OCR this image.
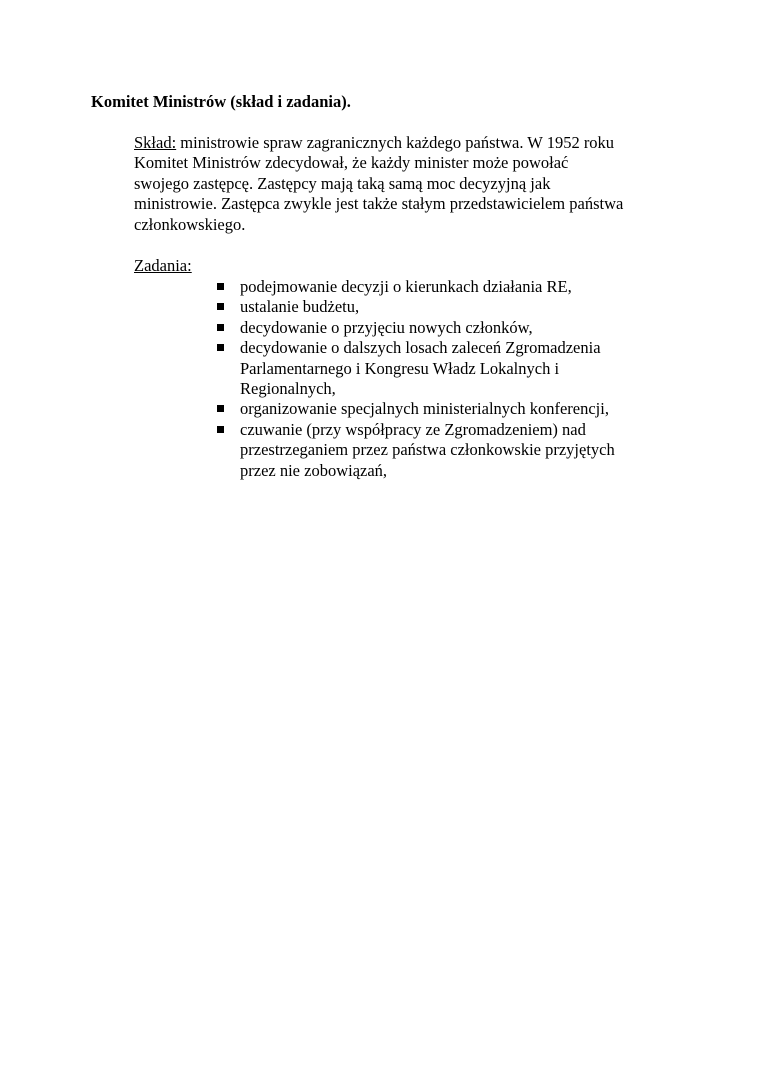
Komitet Ministrów (skład i zadania).
Skład: ministrowie spraw zagranicznych każdego państwa. W 1952 roku
Komitet Ministrów zdecydował, że każdy minister może powołać
swojego zastępcę. Zastępcy mają taką samą moc decyzyjną jak
ministrowie. Zastępca zwykle jest także stałym przedstawicielem państwa
członkowskiego.
Zadania:
podejmowanie decyzji o kierunkach działania RE,
ustalanie budżetu,
decydowanie o przyjęciu nowych członków,
decydowanie o dalszych losach zaleceń Zgromadzenia
Parlamentarnego i Kongresu Władz Lokalnych i
Regionalnych,
organizowanie specjalnych ministerialnych konferencji,
czuwanie (przy współpracy ze Zgromadzeniem) nad
przestrzeganiem przez państwa członkowskie przyjętych
przez nie zobowiązań,
